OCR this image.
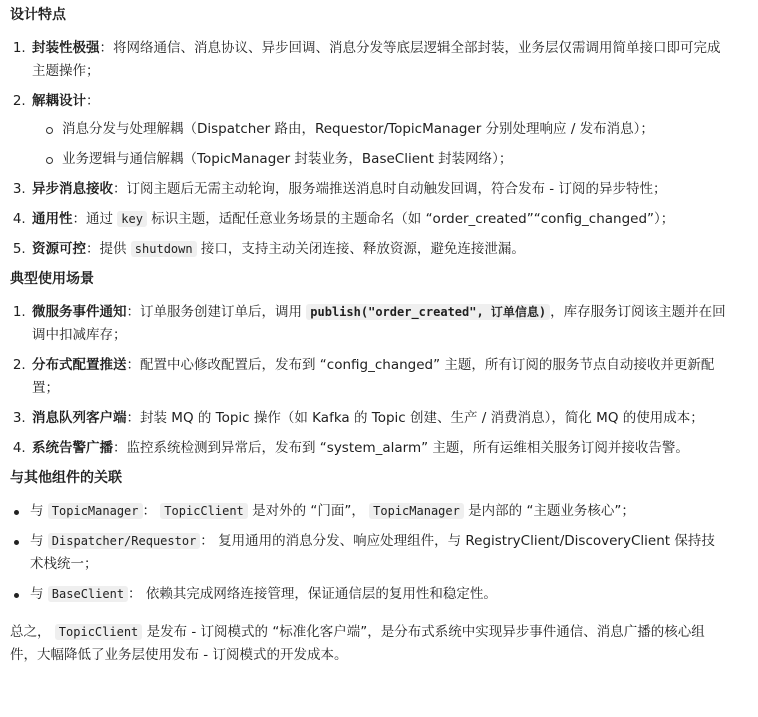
设计特点
1. 封装性极强：将网络通信、消息协议、异步回调、消息分发等底层逻辑全部封装，业务层仅需调用简单接口即可完成主题操作；
2. 解耦设计：
消息分发与处理解耦（Dispatcher 路由，Requestor/TopicManager 分别处理响应 / 发布消息）；
业务逻辑与通信解耦（TopicManager 封装业务，BaseClient 封装网络）；
3. 异步消息接收：订阅主题后无需主动轮询，服务端推送消息时自动触发回调，符合发布 - 订阅的异步特性；
4. 通用性：通过 key 标识主题，适配任意业务场景的主题命名（如 “order_created”“config_changed”）；
5. 资源可控：提供 shutdown 接口，支持主动关闭连接、释放资源，避免连接泄漏。
典型使用场景
1. 微服务事件通知：订单服务创建订单后，调用 publish("order_created", 订单信息) ，库存服务订阅该主题并在回调中扣减库存；
2. 分布式配置推送：配置中心修改配置后，发布到 “config_changed” 主题，所有订阅的服务节点自动接收并更新配置；
3. 消息队列客户端：封装 MQ 的 Topic 操作（如 Kafka 的 Topic 创建、生产 / 消费消息），简化 MQ 的使用成本；
4. 系统告警广播：监控系统检测到异常后，发布到 “system_alarm” 主题，所有运维相关服务订阅并接收告警。
与其他组件的关联
与 TopicManager ： TopicClient 是对外的 “门面”， TopicManager 是内部的 “主题业务核心”；
与 Dispatcher/Requestor ： 复用通用的消息分发、响应处理组件，与 RegistryClient/DiscoveryClient 保持技术栈统一；
与 BaseClient ： 依赖其完成网络连接管理，保证通信层的复用性和稳定性。

总之， TopicClient 是发布 - 订阅模式的 “标准化客户端”，是分布式系统中实现异步事件通信、消息广播的核心组件，大幅降低了业务层使用发布 - 订阅模式的开发成本。
